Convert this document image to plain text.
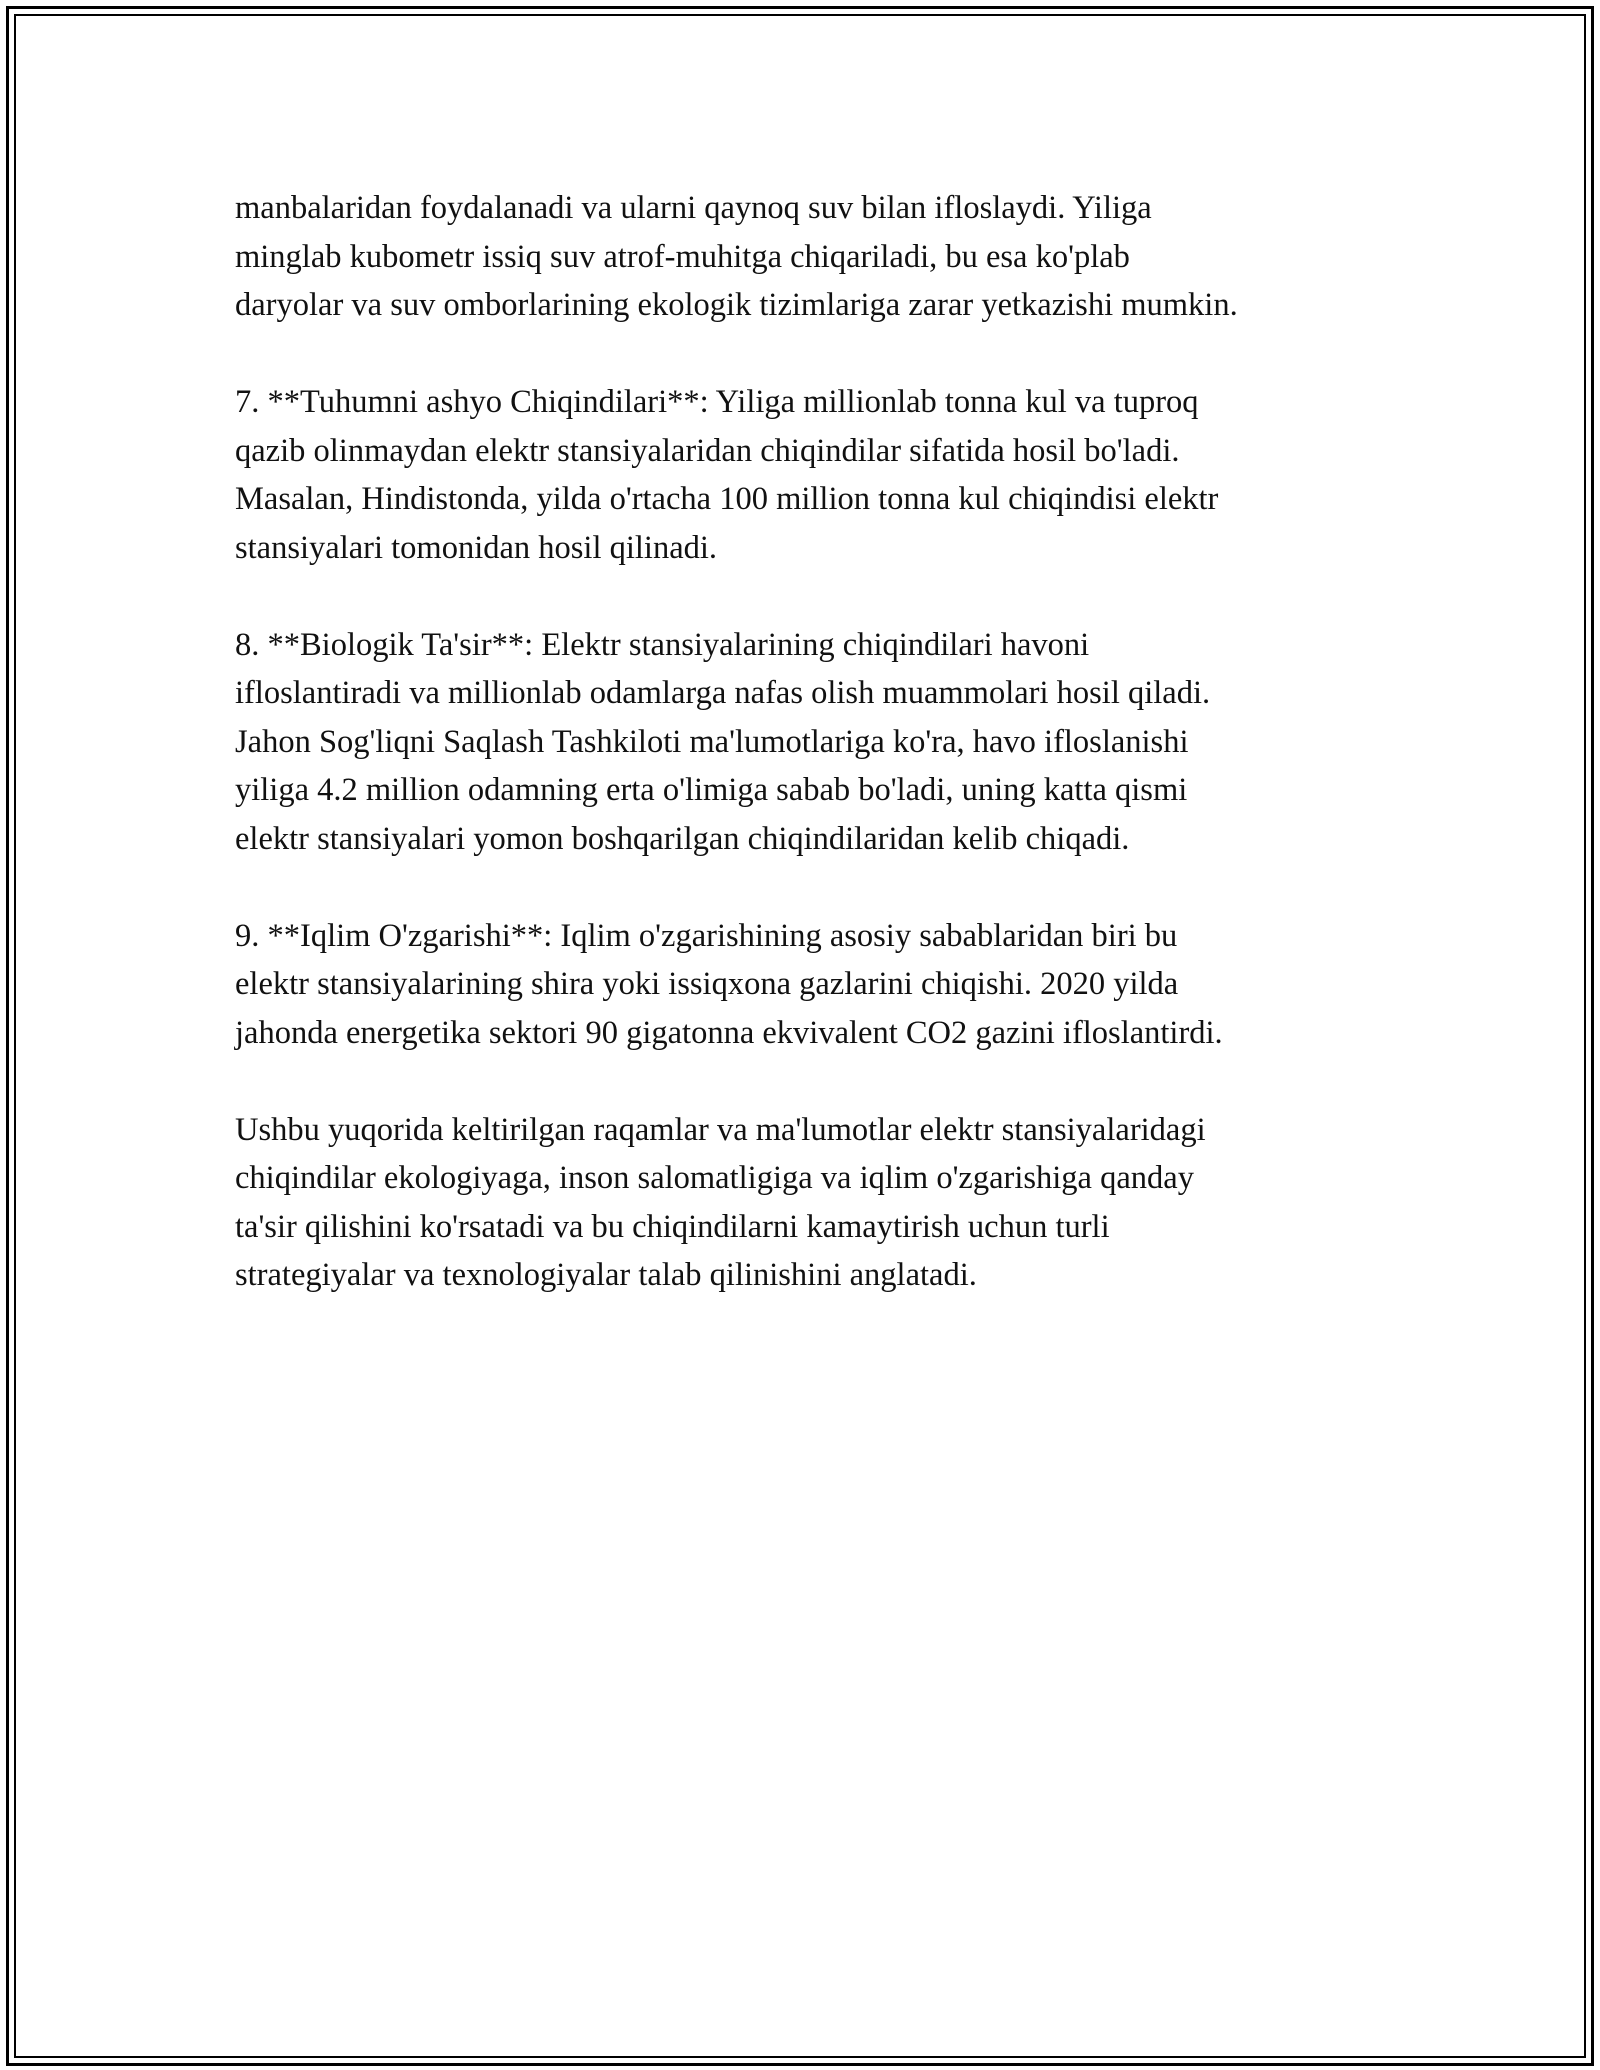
manbalaridan foydalanadi va ularni qaynoq suv bilan ifloslaydi. Yiliga
minglab kubometr issiq suv atrof-muhitga chiqariladi, bu esa ko'plab
daryolar va suv omborlarining ekologik tizimlariga zarar yetkazishi mumkin.
7. **Tuhumni ashyo Chiqindilari**: Yiliga millionlab tonna kul va tuproq
qazib olinmaydan elektr stansiyalaridan chiqindilar sifatida hosil bo'ladi.
Masalan, Hindistonda, yilda o'rtacha 100 million tonna kul chiqindisi elektr
stansiyalari tomonidan hosil qilinadi.
8. **Biologik Ta'sir**: Elektr stansiyalarining chiqindilari havoni
ifloslantiradi va millionlab odamlarga nafas olish muammolari hosil qiladi.
Jahon Sog'liqni Saqlash Tashkiloti ma'lumotlariga ko'ra, havo ifloslanishi
yiliga 4.2 million odamning erta o'limiga sabab bo'ladi, uning katta qismi
elektr stansiyalari yomon boshqarilgan chiqindilaridan kelib chiqadi.
9. **Iqlim O'zgarishi**: Iqlim o'zgarishining asosiy sabablaridan biri bu
elektr stansiyalarining shira yoki issiqxona gazlarini chiqishi. 2020 yilda
jahonda energetika sektori 90 gigatonna ekvivalent CO2 gazini ifloslantirdi.
Ushbu yuqorida keltirilgan raqamlar va ma'lumotlar elektr stansiyalaridagi
chiqindilar ekologiyaga, inson salomatligiga va iqlim o'zgarishiga qanday
ta'sir qilishini ko'rsatadi va bu chiqindilarni kamaytirish uchun turli
strategiyalar va texnologiyalar talab qilinishini anglatadi.
